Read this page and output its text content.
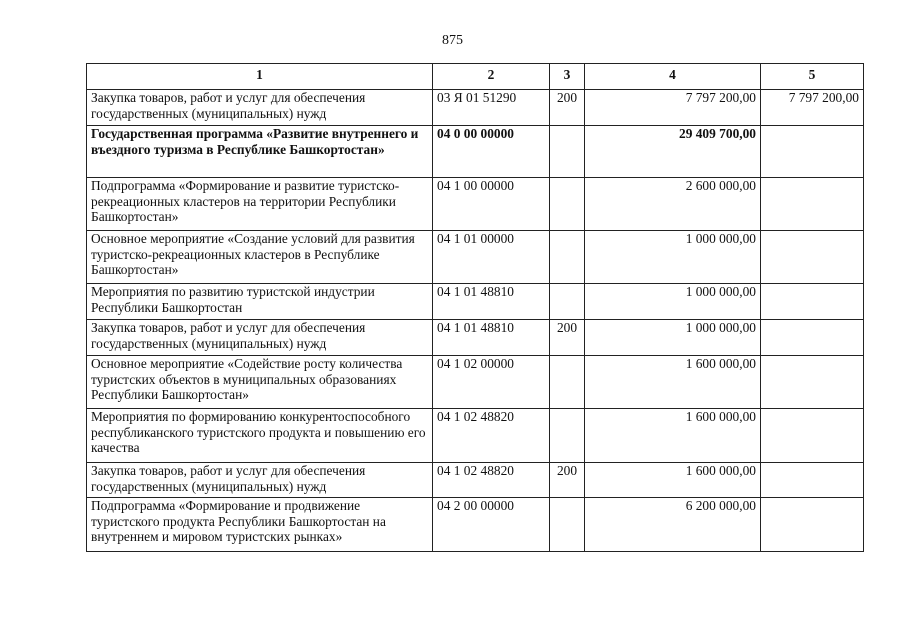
875
1	2	3	4	5
Закупка товаров, работ и услуг для обеспечения государственных (муниципальных) нужд	03 Я 01 51290	200	7 797 200,00	7 797 200,00
Государственная программа «Развитие внутреннего и въездного туризма в Республике Башкортостан»	04 0 00 00000		29 409 700,00	
Подпрограмма «Формирование и развитие туристско-рекреационных кластеров на территории Республики Башкортостан»	04 1 00 00000		2 600 000,00	
Основное мероприятие «Создание условий для развития туристско-рекреационных кластеров в Республике Башкортостан»	04 1 01 00000		1 000 000,00	
Мероприятия по развитию туристской индустрии Республики Башкортостан	04 1 01 48810		1 000 000,00	
Закупка товаров, работ и услуг для обеспечения государственных (муниципальных) нужд	04 1 01 48810	200	1 000 000,00	
Основное мероприятие «Содействие росту количества туристских объектов в муниципальных образованиях Республики Башкортостан»	04 1 02 00000		1 600 000,00	
Мероприятия по формированию конкурентоспособного республиканского туристского продукта и повышению его качества	04 1 02 48820		1 600 000,00	
Закупка товаров, работ и услуг для обеспечения государственных (муниципальных) нужд	04 1 02 48820	200	1 600 000,00	
Подпрограмма «Формирование и продвижение туристского продукта Республики Башкортостан на внутреннем и мировом туристских рынках»	04 2 00 00000		6 200 000,00	
